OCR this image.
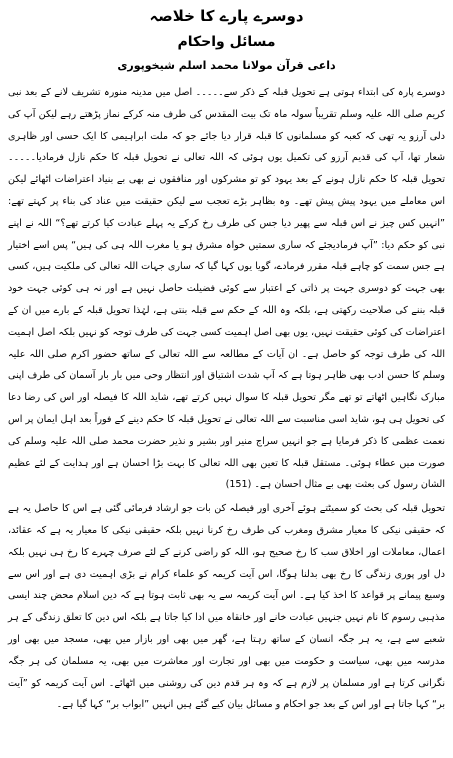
دوسرے پارے کا خلاصہ
مسائل واحکام
داعی قرآن مولانا محمد اسلم شیخوپوری

دوسرے پارہ کی ابتداء ہوتی ہے تحویل قبلہ کے ذکر سے۔۔۔۔۔ اصل میں مدینہ منورہ تشریف لانے کے بعد نبی کریم صلی اللہ علیہ وسلم تقریباً سولہ ماہ تک بیت المقدس کی طرف منہ کرکے نماز پڑھتے رہے لیکن آپ کی دلی آرزو یہ تھی کہ کعبہ کو مسلمانوں کا قبلہ قرار دیا جائے جو کہ ملت ابراہیمی کا ایک حسی اور ظاہری شعار تھا، آپ کی قدیم آرزو کی تکمیل یوں ہوئی کہ اللہ تعالی نے تحویل قبلہ کا حکم نازل فرمادیا۔۔۔۔۔ تحویل قبلہ کا حکم نازل ہونے کے بعد یہود کو تو مشرکوں اور منافقوں نے بھی بے بنیاد اعتراضات اٹھائے لیکن اس معاملے میں یہود پیش پیش تھے۔ وہ بظاہر بڑے تعجب سے لیکن حقیقت میں عناد کی بناء پر کہتے تھے: ”انہیں کس چیز نے اس قبلہ سے پھیر دیا جس کی طرف رخ کرکے یہ پہلے عبادت کیا کرتے تھے؟“ اللہ نے اپنے نبی کو حکم دیا: ”آپ فرمادیجئے کہ ساری سمتیں خواہ مشرق ہو یا مغرب اللہ ہی کی ہیں“ پس اسے اختیار ہے جس سمت کو چاہے قبلہ مقرر فرمادے، گویا یوں کہا گیا کہ ساری جہات اللہ تعالی کی ملکیت ہیں، کسی بھی جہت کو دوسری جہت پر ذاتی کے اعتبار سے کوئی فضیلت حاصل نہیں ہے اور نہ ہی کوئی جہت خود قبلہ بننے کی صلاحیت رکھتی ہے، بلکہ وہ اللہ کے حکم سے قبلہ بنتی ہے، لہٰذا تحویل قبلہ کے بارے میں ان کے اعتراضات کی کوئی حقیقت نہیں، یوں بھی اصل اہمیت کسی جہت کی طرف توجہ کو نہیں بلکہ اصل اہمیت اللہ کی طرف توجہ کو حاصل ہے۔ ان آیات کے مطالعہ سے اللہ تعالی کے ساتھ حضور اکرم صلی اللہ علیہ وسلم کا حسن ادب بھی ظاہر ہوتا ہے کہ آپ شدت اشتیاق اور انتظار وحی میں بار بار آسمان کی طرف اپنی مبارک نگاہیں اٹھاتے تو تھے مگر تحویل قبلہ کا سوال نہیں کرتے تھے، شاید اللہ کا فیصلہ اور اس کی رضا دعا کی تحویل ہی ہو، شاید اسی مناسبت سے اللہ تعالی نے تحویل قبلہ کا حکم دینے کے فوراً بعد اہل ایمان پر اس نعمت عظمی کا ذکر فرمایا ہے جو انہیں سراج منیر اور بشیر و نذیر حضرت محمد صلی اللہ علیہ وسلم کی صورت میں عطاء ہوئی۔ مستقل قبلہ کا تعین بھی اللہ تعالی کا بہت بڑا احسان ہے اور ہدایت کے لئے عظیم الشان رسول کی بعثت بھی بے مثال احسان ہے۔ (151)

تحویل قبلہ کی بحث کو سمیٹتے ہوئے آخری اور فیصلہ کن بات جو ارشاد فرمائی گئی ہے اس کا حاصل یہ ہے کہ حقیقی نیکی کا معیار مشرق ومغرب کی طرف رخ کرنا نہیں بلکہ حقیقی نیکی کا معیار یہ ہے کہ عقائد، اعمال، معاملات اور اخلاق سب کا رخ صحیح ہو، اللہ کو راضی کرنے کے لئے صرف چہرے کا رخ ہی نہیں بلکہ دل اور پوری زندگی کا رخ بھی بدلنا ہوگا، اس آیت کریمہ کو علماء کرام نے بڑی اہمیت دی ہے اور اس سے وسیع پیمانے پر قواعد کا اخذ کیا ہے۔ اس آیت کریمہ سے یہ بھی ثابت ہوتا ہے کہ دین اسلام محض چند ایسی مذہبی رسوم کا نام نہیں جنہیں عبادت خانے اور خانقاہ میں ادا کیا جاتا ہے بلکہ اس دین کا تعلق زندگی کے ہر شعبے سے ہے، یہ ہر جگہ انسان کے ساتھ رہتا ہے، گھر میں بھی اور بازار میں بھی، مسجد میں بھی اور مدرسہ میں بھی، سیاست و حکومت میں بھی اور تجارت اور معاشرت میں بھی، یہ مسلمان کی ہر جگہ نگرانی کرتا ہے اور مسلمان پر لازم ہے کہ وہ ہر قدم دین کی روشنی میں اٹھائے۔ اس آیت کریمہ کو ”آیت بر“ کہا جاتا ہے اور اس کے بعد جو احکام و مسائل بیان کیے گئے ہیں انہیں ”ابواب بر“ کہا گیا ہے۔
